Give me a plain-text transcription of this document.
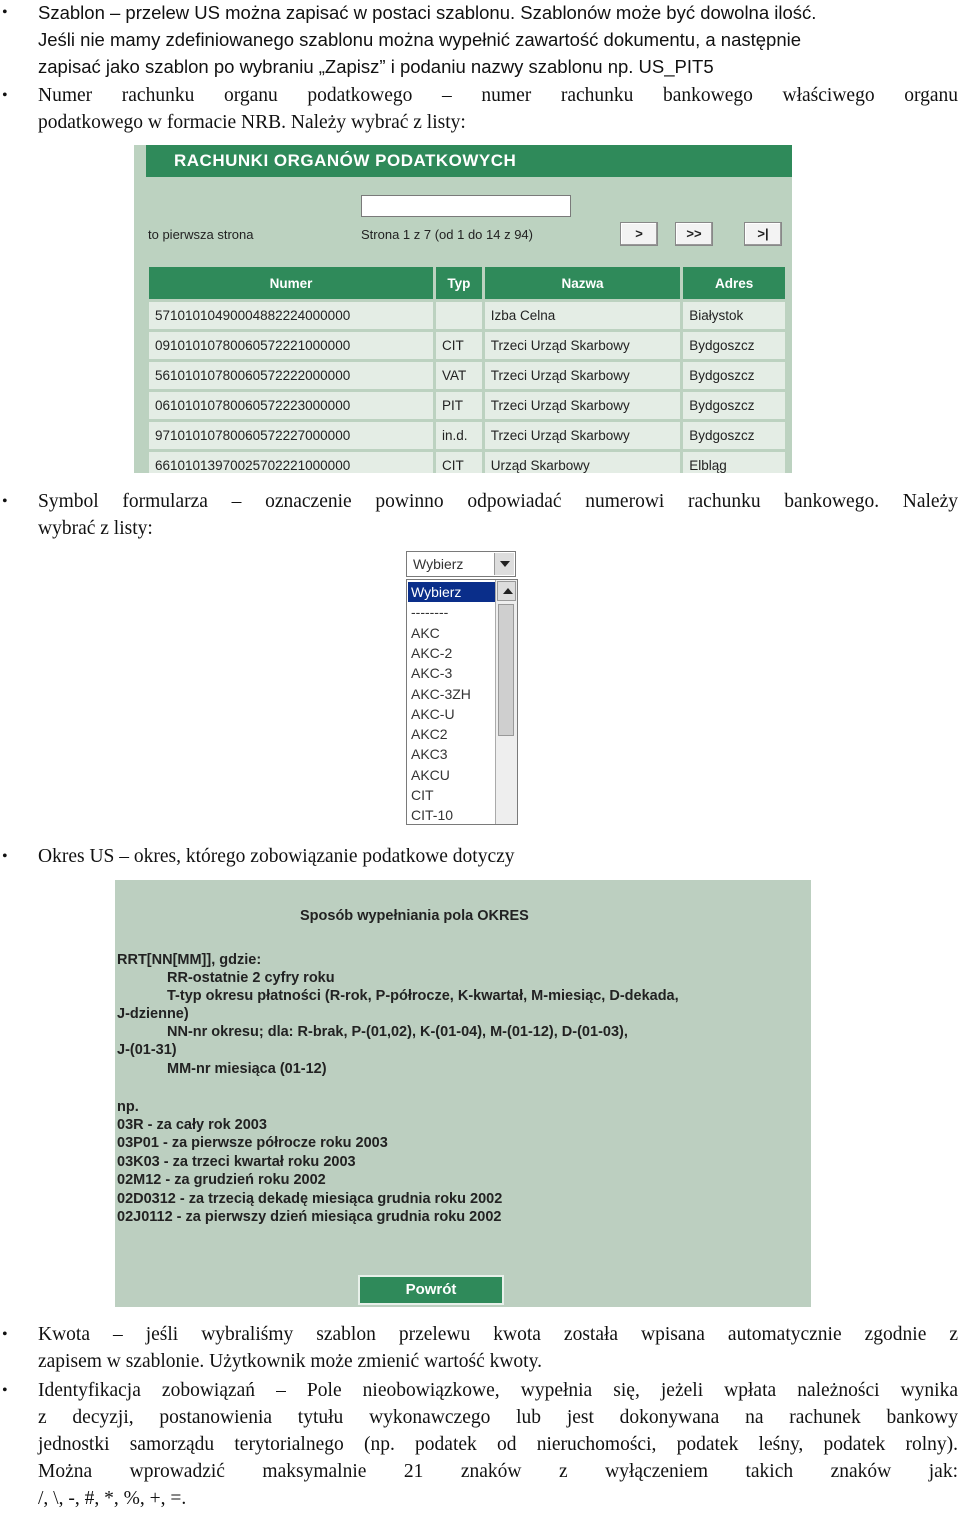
• Szablon – przelew US można zapisać w postaci szablonu. Szablonów może być dowolna ilość.
Jeśli nie mamy zdefiniowanego szablonu można wypełnić zawartość dokumentu, a następnie
zapisać jako szablon po wybraniu „Zapisz” i podaniu nazwy szablonu np. US_PIT5
• Numer rachunku organu podatkowego – numer rachunku bankowego właściwego organu
podatkowego w formacie NRB. Należy wybrać z listy:
RACHUNKI ORGANÓW PODATKOWYCH
to pierwsza strona	Strona 1 z 7 (od 1 do 14 z 94)	>	>>	>|
Numer	Typ	Nazwa	Adres
57101010490004882224000000		Izba Celna	Białystok
09101010780060572221000000	CIT	Trzeci Urząd Skarbowy	Bydgoszcz
56101010780060572222000000	VAT	Trzeci Urząd Skarbowy	Bydgoszcz
06101010780060572223000000	PIT	Trzeci Urząd Skarbowy	Bydgoszcz
97101010780060572227000000	in.d.	Trzeci Urząd Skarbowy	Bydgoszcz
66101013970025702221000000	CIT	Urząd Skarbowy	Elbląg
• Symbol formularza – oznaczenie powinno odpowiadać numerowi rachunku bankowego. Należy
wybrać z listy:
Wybierz
Wybierz
--------
AKC
AKC-2
AKC-3
AKC-3ZH
AKC-U
AKC2
AKC3
AKCU
CIT
CIT-10
• Okres US – okres, którego zobowiązanie podatkowe dotyczy
Sposób wypełniania pola OKRES
RRT[NN[MM]], gdzie:
RR-ostatnie 2 cyfry roku
T-typ okresu płatności (R-rok, P-półrocze, K-kwartał, M-miesiąc, D-dekada,
J-dzienne)
NN-nr okresu; dla: R-brak, P-(01,02), K-(01-04), M-(01-12), D-(01-03),
J-(01-31)
MM-nr miesiąca (01-12)
np.
03R - za cały rok 2003
03P01 - za pierwsze półrocze roku 2003
03K03 - za trzeci kwartał roku 2003
02M12 - za grudzień roku 2002
02D0312 - za trzecią dekadę miesiąca grudnia roku 2002
02J0112 - za pierwszy dzień miesiąca grudnia roku 2002
Powrót
• Kwota – jeśli wybraliśmy szablon przelewu kwota została wpisana automatycznie zgodnie z
zapisem w szablonie. Użytkownik może zmienić wartość kwoty.
• Identyfikacja zobowiązań – Pole nieobowiązkowe, wypełnia się, jeżeli wpłata należności wynika
z decyzji, postanowienia tytułu wykonawczego lub jest dokonywana na rachunek bankowy
jednostki samorządu terytorialnego (np. podatek od nieruchomości, podatek leśny, podatek rolny).
Można wprowadzić maksymalnie 21 znaków z wyłączeniem takich znaków jak:
/, \, -, #, *, %, +, =.
